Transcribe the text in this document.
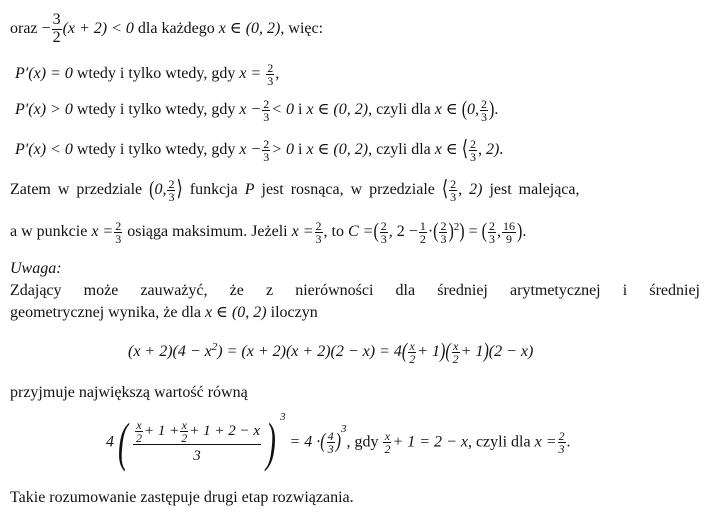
oraz − $\frac{3}{2} (x + 2) < 0$ dla każdego x ∈ (0, 2), więc:
P′(x) = 0 wtedy i tylko wtedy, gdy $x = \frac{2}{3}$ ,
P′(x) > 0 wtedy i tylko wtedy, gdy $x - \frac{2}{3} < 0$ i x ∈ (0, 2), czyli dla x ∈ (0, $\frac{2}{3}$ ).
P′(x) < 0 wtedy i tylko wtedy, gdy $x - \frac{2}{3} > 0$ i x ∈ (0, 2), czyli dla x ∈ ⟨ $\frac{2}{3}$ , 2).
Zatem w przedziale (0, $\frac{2}{3}$ ⟩ funkcja P jest rosnąca, w przedziale ⟨ $\frac{2}{3}$ , 2) jest malejąca,
a w punkcie $x = \frac{2}{3}$ osiąga maksimum. Jeżeli $x = \frac{2}{3}$ , to C =( $\frac{2}{3}$ , $2 - \frac{1}{2}$ ·( $\frac{2}{3} )^2$) = ( $\frac{2}{3}$ , $\frac{16}{9}$ ).
Uwaga:
Zdający może zauważyć, że z nierówności dla średniej arytmetycznej i średniej
geometrycznej wynika, że dla x ∈ (0, 2) iloczyn
$(x + 2)(4 - x^2) = (x + 2)(x + 2)(2 - x) = 4( \frac{x}{2} + 1)( \frac{x}{2} + 1)(2 - x)$
przyjmuje największą wartość równą
$4( \frac{\frac{x}{2} + 1 + \frac{x}{2} + 1 + 2 - x}{3}$ ) $^3$ = 4 ·( $\frac{4}{3} )^3$, gdy $\frac{x}{2} + 1 = 2 - x$, czyli dla $x = \frac{2}{3}$ .
Takie rozumowanie zastępuje drugi etap rozwiązania.
